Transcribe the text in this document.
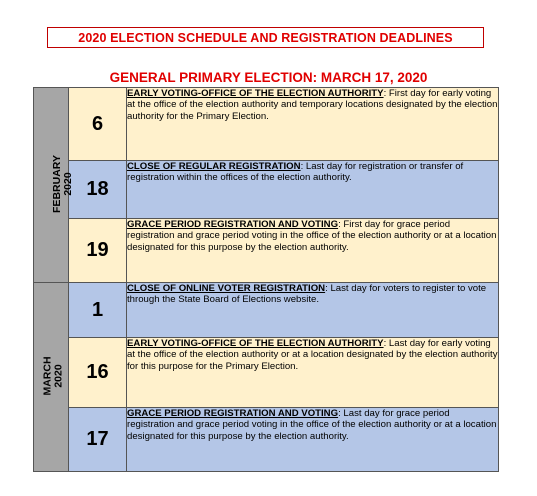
2020 ELECTION SCHEDULE AND REGISTRATION DEADLINES
GENERAL PRIMARY ELECTION: MARCH 17, 2020
FEBRUARY 2020	6	EARLY VOTING-OFFICE OF THE ELECTION AUTHORITY: First day for early voting at the office of the election authority and temporary locations designated by the election authority for the Primary Election.
	18	CLOSE OF REGULAR REGISTRATION: Last day for registration or transfer of registration within the offices of the election authority.
	19	GRACE PERIOD REGISTRATION AND VOTING: First day for grace period registration and grace period voting in the office of the election authority or at a location designated for this purpose by the election authority.

MARCH 2020	1	CLOSE OF ONLINE VOTER REGISTRATION: Last day for voters to register to vote through the State Board of Elections website.
	16	EARLY VOTING-OFFICE OF THE ELECTION AUTHORITY: Last day for early voting at the office of the election authority or at a location designated by the election authority for this purpose for the Primary Election.
	17	GRACE PERIOD REGISTRATION AND VOTING: Last day for grace period registration and grace period voting in the office of the election authority or at a location designated for this purpose by the election authority.
